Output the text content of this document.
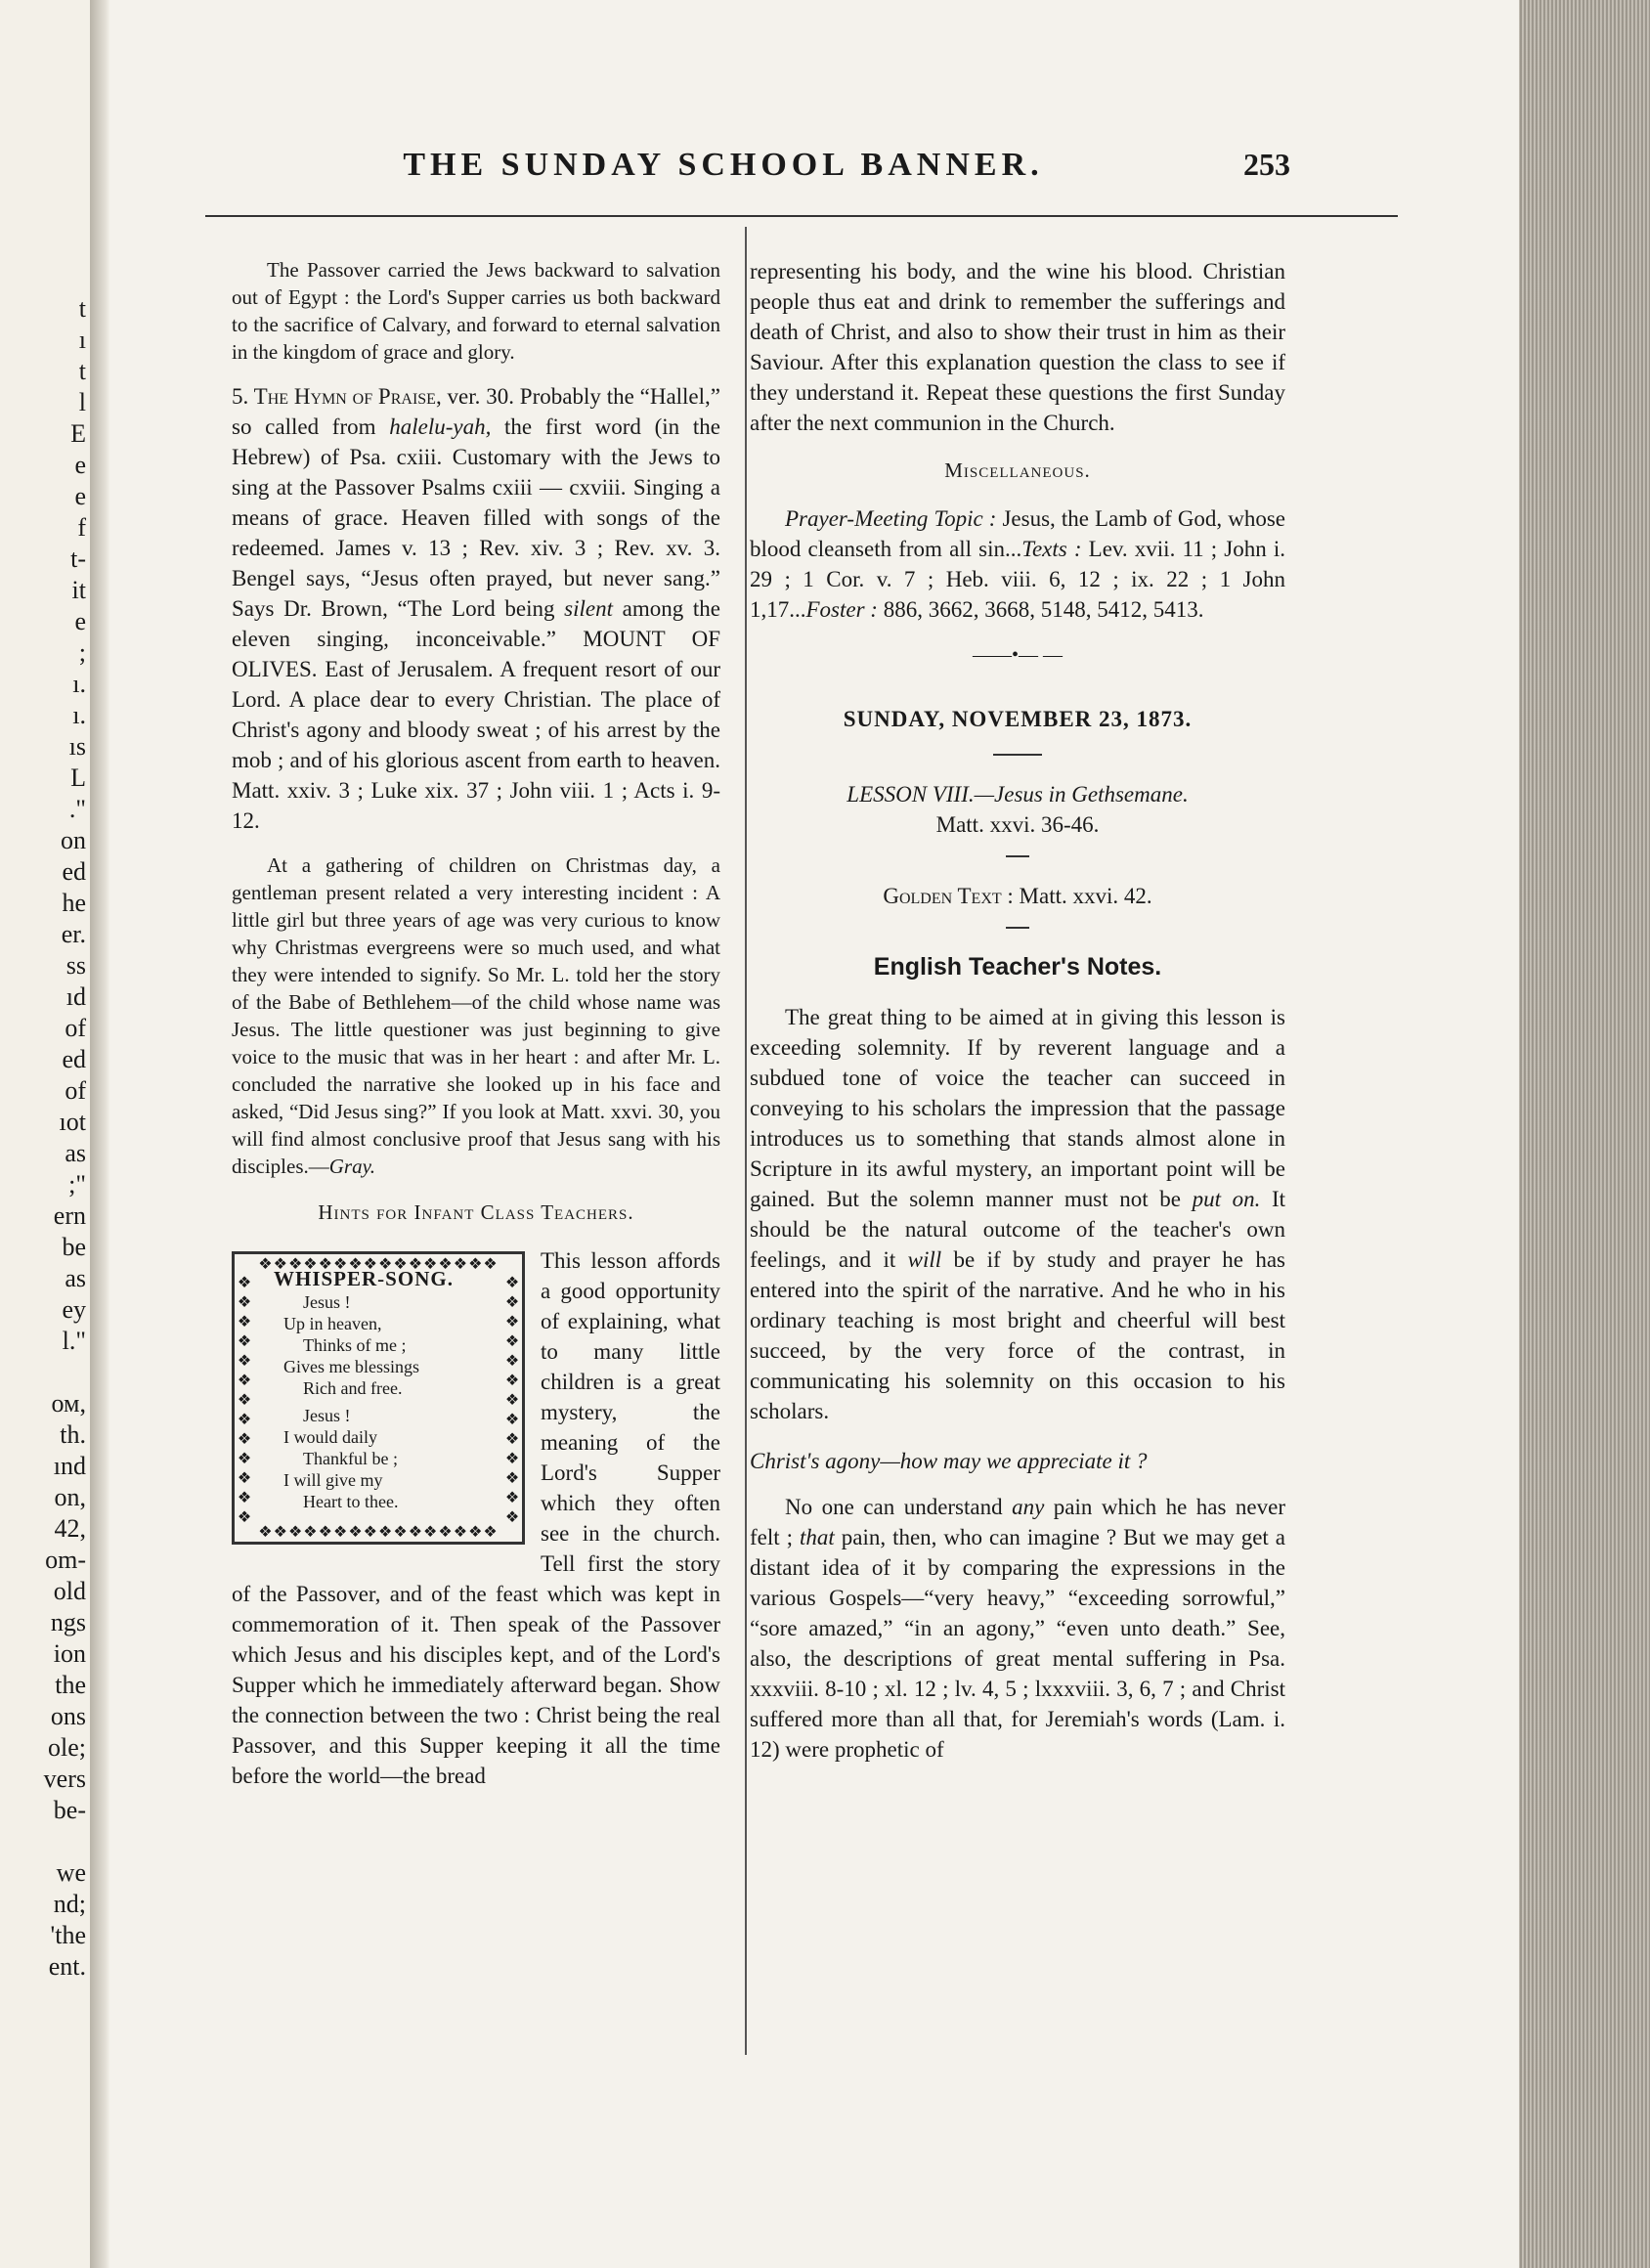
t
ı
t
l
E
e
e
f
t-
it
e
;
ı.
ı.
ıs
L
."
on
ed
he
er.
ss
ıd
of
ed
of
ıot
as
;"
ern
be
as
ey
l."
ом,
th.
ınd
on,
42,
om-
old
ngs
ion
the
ons
ole;
vers
be-
we
nd;
'the
ent.
THE SUNDAY SCHOOL BANNER.	253

The Passover carried the Jews backward to salvation out of Egypt : the Lord's Supper carries us both backward to the sacrifice of Calvary, and forward to eternal salvation in the kingdom of grace and glory.

5. The Hymn of Praise, ver. 30. Probably the “Hallel,” so called from halelu-yah, the first word (in the Hebrew) of Psa. cxiii. Customary with the Jews to sing at the Passover Psalms cxiii — cxviii. Singing a means of grace. Heaven filled with songs of the redeemed. James v. 13 ; Rev. xiv. 3 ; Rev. xv. 3. Bengel says, “Jesus often prayed, but never sang.” Says Dr. Brown, “The Lord being silent among the eleven singing, inconceivable.” MOUNT OF OLIVES. East of Jerusalem. A frequent resort of our Lord. A place dear to every Christian. The place of Christ's agony and bloody sweat ; of his arrest by the mob ; and of his glorious ascent from earth to heaven. Matt. xxiv. 3 ; Luke xix. 37 ; John viii. 1 ; Acts i. 9-12.

At a gathering of children on Christmas day, a gentleman present related a very interesting incident : A little girl but three years of age was very curious to know why Christmas evergreens were so much used, and what they were intended to signify. So Mr. L. told her the story of the Babe of Bethlehem—of the child whose name was Jesus. The little questioner was just beginning to give voice to the music that was in her heart : and after Mr. L. concluded the narrative she looked up in his face and asked, “Did Jesus sing?” If you look at Matt. xxvi. 30, you will find almost conclusive proof that Jesus sang with his disciples.—Gray.

Hints for Infant Class Teachers.
❖❖❖❖❖❖❖❖❖❖❖❖❖❖❖❖
❖❖❖❖❖❖❖❖❖❖❖❖❖❖❖❖
❖
❖
❖
❖
❖
❖
❖
❖
❖
❖
❖
❖
❖
❖
❖
❖
❖
❖
❖
❖
❖
❖
❖
❖
❖
❖
WHISPER-SONG.
Jesus !
Up in heaven,
Thinks of me ;
Gives me blessings
Rich and free.
Jesus !
I would daily
Thankful be ;
I will give my
Heart to thee.

This lesson affords a good opportunity of explaining, what to many little children is a great mystery, the meaning of the Lord's Supper which they often see in the church. Tell first the story of the Passover, and of the feast which was kept in commemoration of it. Then speak of the Passover which Jesus and his disciples kept, and of the Lord's Supper which he immediately afterward began. Show the connection between the two : Christ being the real Passover, and this Supper keeping it all the time before the world—the bread

representing his body, and the wine his blood. Christian people thus eat and drink to remember the sufferings and death of Christ, and also to show their trust in him as their Saviour. After this explanation question the class to see if they understand it. Repeat these questions the first Sunday after the next communion in the Church.

Miscellaneous.

Prayer-Meeting Topic : Jesus, the Lamb of God, whose blood cleanseth from all sin...Texts : Lev. xvii. 11 ; John i. 29 ; 1 Cor. v. 7 ; Heb. viii. 6, 12 ; ix. 22 ; 1 John 1,17...Foster : 886, 3662, 3668, 5148, 5412, 5413.

——•— —
SUNDAY, NOVEMBER 23, 1873.

LESSON VIII.—Jesus in Gethsemane.

Matt. xxvi. 36-46.

Golden Text : Matt. xxvi. 42.

English Teacher's Notes.

The great thing to be aimed at in giving this lesson is exceeding solemnity. If by reverent language and a subdued tone of voice the teacher can succeed in conveying to his scholars the impression that the passage introduces us to something that stands almost alone in Scripture in its awful mystery, an important point will be gained. But the solemn manner must not be put on. It should be the natural outcome of the teacher's own feelings, and it will be if by study and prayer he has entered into the spirit of the narrative. And he who in his ordinary teaching is most bright and cheerful will best succeed, by the very force of the contrast, in communicating his solemnity on this occasion to his scholars.

Christ's agony—how may we appreciate it ?

No one can understand any pain which he has never felt ; that pain, then, who can imagine ? But we may get a distant idea of it by comparing the expressions in the various Gospels—“very heavy,” “exceeding sorrowful,” “sore amazed,” “in an agony,” “even unto death.” See, also, the descriptions of great mental suffering in Psa. xxxviii. 8-10 ; xl. 12 ; lv. 4, 5 ; lxxxviii. 3, 6, 7 ; and Christ suffered more than all that, for Jeremiah's words (Lam. i. 12) were prophetic of
